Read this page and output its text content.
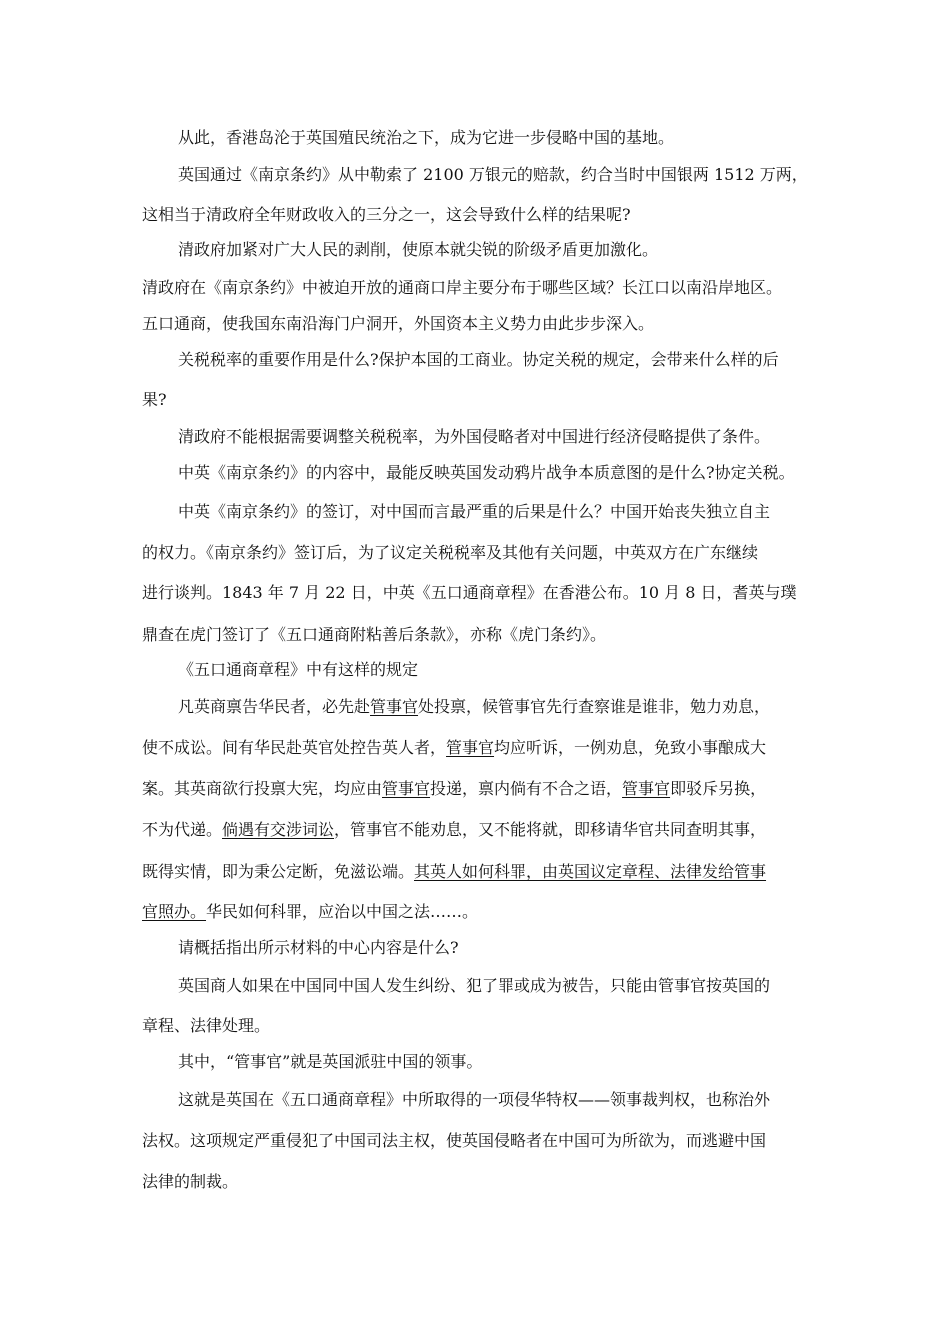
从此，香港岛沦于英国殖民统治之下，成为它进一步侵略中国的基地。
英国通过《南京条约》从中勒索了 2100 万银元的赔款，约合当时中国银两 1512 万两，
这相当于清政府全年财政收入的三分之一，这会导致什么样的结果呢?
清政府加紧对广大人民的剥削，使原本就尖锐的阶级矛盾更加激化。
清政府在《南京条约》中被迫开放的通商口岸主要分布于哪些区域？长江口以南沿岸地区。
五口通商，使我国东南沿海门户洞开，外国资本主义势力由此步步深入。
关税税率的重要作用是什么?保护本国的工商业。协定关税的规定，会带来什么样的后
果?
清政府不能根据需要调整关税税率，为外国侵略者对中国进行经济侵略提供了条件。
中英《南京条约》的内容中，最能反映英国发动鸦片战争本质意图的是什么?协定关税。
中英《南京条约》的签订，对中国而言最严重的后果是什么？中国开始丧失独立自主
的权力。《南京条约》签订后，为了议定关税税率及其他有关问题，中英双方在广东继续
进行谈判。1843 年 7 月 22 日，中英《五口通商章程》在香港公布。10 月 8 日，耆英与璞
鼎查在虎门签订了《五口通商附粘善后条款》，亦称《虎门条约》。
《五口通商章程》中有这样的规定
凡英商禀告华民者，必先赴管事官处投禀，候管事官先行查察谁是谁非，勉力劝息，
使不成讼。间有华民赴英官处控告英人者，管事官均应听诉，一例劝息，免致小事酿成大
案。其英商欲行投禀大宪，均应由管事官投递，禀内倘有不合之语，管事官即驳斥另换，
不为代递。倘遇有交涉词讼，管事官不能劝息，又不能将就，即移请华官共同查明其事，
既得实情，即为秉公定断，免滋讼端。其英人如何科罪，由英国议定章程、法律发给管事
官照办。华民如何科罪，应治以中国之法……。
请概括指出所示材料的中心内容是什么?
英国商人如果在中国同中国人发生纠纷、犯了罪或成为被告，只能由管事官按英国的
章程、法律处理。
其中，“管事官”就是英国派驻中国的领事。
这就是英国在《五口通商章程》中所取得的一项侵华特权——领事裁判权，也称治外
法权。这项规定严重侵犯了中国司法主权，使英国侵略者在中国可为所欲为，而逃避中国
法律的制裁。
